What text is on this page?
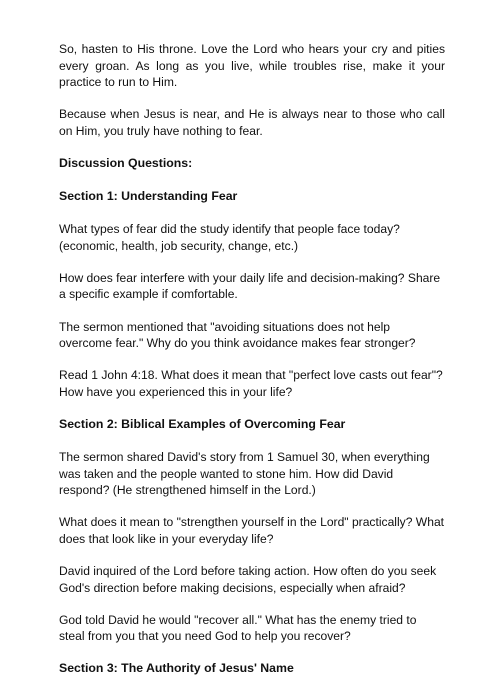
So, hasten to His throne. Love the Lord who hears your cry and pities every groan. As long as you live, while troubles rise, make it your practice to run to Him.

Because when Jesus is near, and He is always near to those who call on Him, you truly have nothing to fear.

Discussion Questions:
Section 1: Understanding Fear

What types of fear did the study identify that people face today? (economic, health, job security, change, etc.)

How does fear interfere with your daily life and decision-making? Share a specific example if comfortable.

The sermon mentioned that "avoiding situations does not help overcome fear." Why do you think avoidance makes fear stronger?

Read 1 John 4:18. What does it mean that "perfect love casts out fear"? How have you experienced this in your life?

Section 2: Biblical Examples of Overcoming Fear

The sermon shared David's story from 1 Samuel 30, when everything was taken and the people wanted to stone him. How did David respond? (He strengthened himself in the Lord.)

What does it mean to "strengthen yourself in the Lord" practically? What does that look like in your everyday life?

David inquired of the Lord before taking action. How often do you seek God's direction before making decisions, especially when afraid?

God told David he would "recover all." What has the enemy tried to steal from you that you need God to help you recover?

Section 3: The Authority of Jesus' Name
